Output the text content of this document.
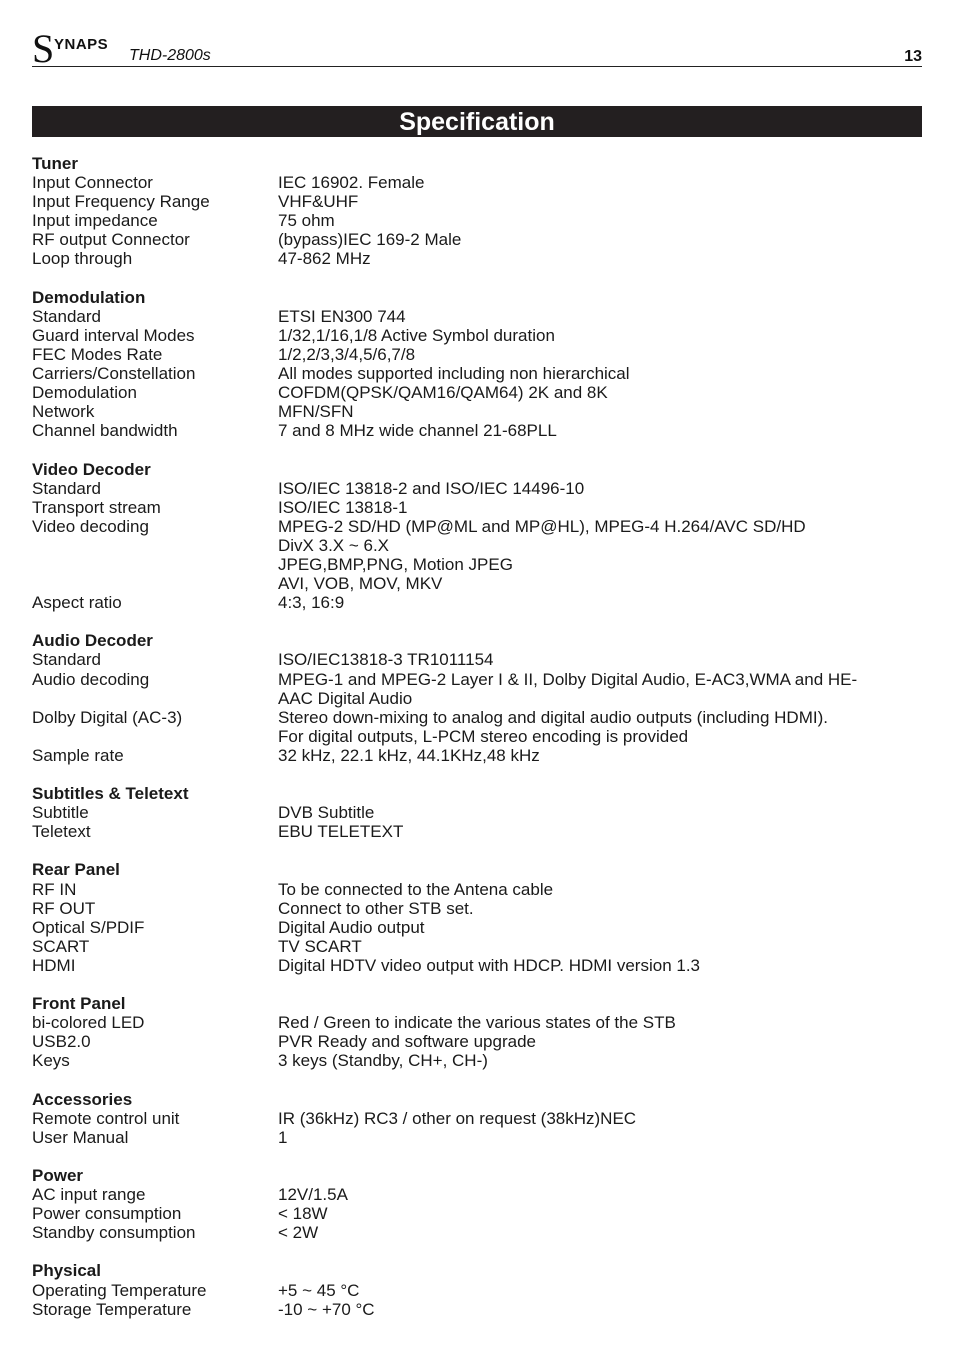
S YNAPS
THD-2800s	13
Specification
Tuner
Input Connector	IEC 16902. Female
Input Frequency Range	VHF&UHF
Input impedance	75 ohm
RF output Connector	(bypass)IEC 169-2 Male
Loop through	47-862 MHz
Demodulation
Standard	ETSI EN300 744
Guard interval Modes	1/32,1/16,1/8 Active Symbol duration
FEC Modes Rate	1/2,2/3,3/4,5/6,7/8
Carriers/Constellation	All modes supported including non hierarchical
Demodulation	COFDM(QPSK/QAM16/QAM64) 2K and 8K
Network	MFN/SFN
Channel bandwidth	7 and 8 MHz wide channel 21-68PLL
Video Decoder
Standard	ISO/IEC 13818-2 and ISO/IEC 14496-10
Transport stream	ISO/IEC 13818-1
Video decoding	MPEG-2 SD/HD (MP@ML and MP@HL), MPEG-4 H.264/AVC SD/HD
DivX 3.X ~ 6.X
JPEG,BMP,PNG, Motion JPEG
AVI, VOB, MOV, MKV
Aspect ratio	4:3, 16:9
Audio Decoder
Standard	ISO/IEC13818-3 TR1011154
Audio decoding	MPEG-1 and MPEG-2 Layer I & II, Dolby Digital Audio, E-AC3,WMA and HE-
AAC Digital Audio
Dolby Digital (AC-3)	Stereo down-mixing to analog and digital audio outputs (including HDMI).
For digital outputs, L-PCM stereo encoding is provided
Sample rate	32 kHz, 22.1 kHz, 44.1KHz,48 kHz
Subtitles & Teletext
Subtitle	DVB Subtitle
Teletext	EBU TELETEXT
Rear Panel
RF IN	To be connected to the Antena cable
RF OUT	Connect to other STB set.
Optical S/PDIF	Digital Audio output
SCART	TV SCART
HDMI	Digital HDTV video output with HDCP. HDMI version 1.3
Front Panel
bi-colored LED	Red / Green to indicate the various states of the STB
USB2.0	PVR Ready and software upgrade
Keys	3 keys (Standby, CH+, CH-)
Accessories
Remote control unit	IR (36kHz) RC3 / other on request (38kHz)NEC
User Manual	1
Power
AC input range	12V/1.5A
Power consumption	< 18W
Standby consumption	< 2W
Physical
Operating Temperature	+5 ~ 45 °C
Storage Temperature	-10 ~ +70 °C
